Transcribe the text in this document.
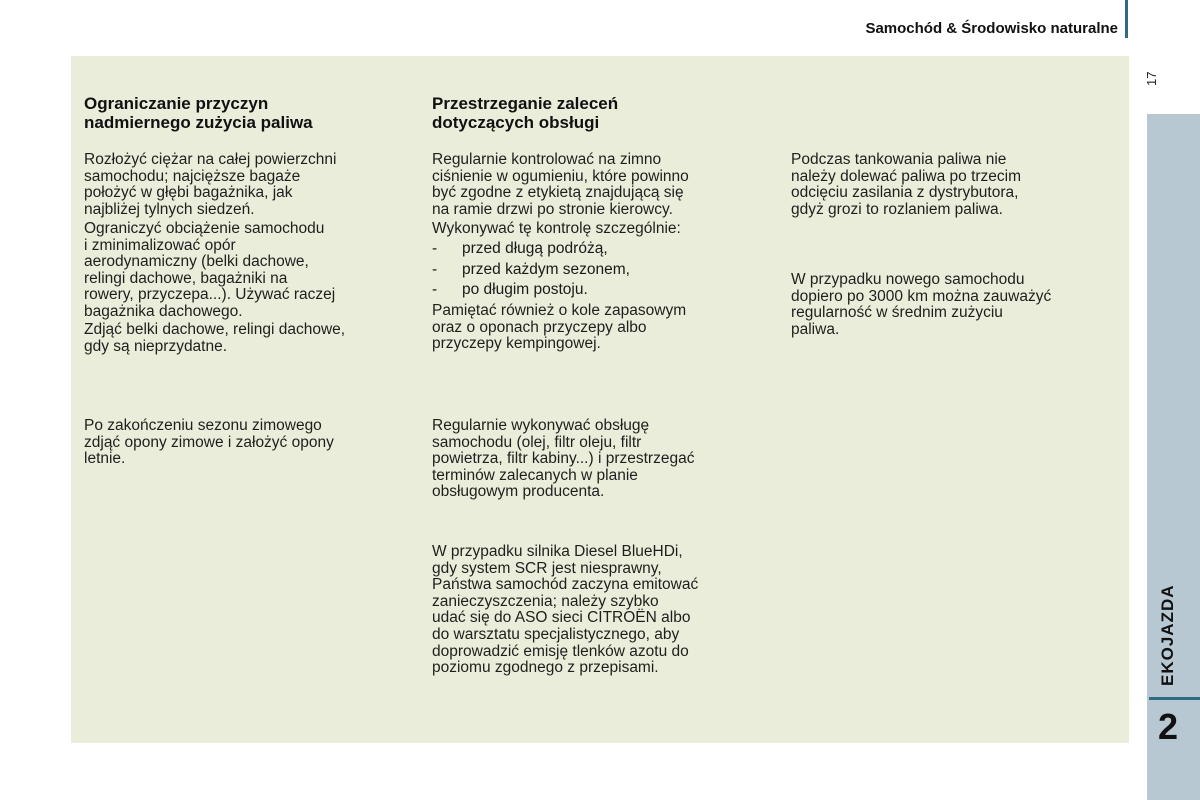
Samochód & Środowisko naturalne
17
EKOJAZDA
2
Ograniczanie przyczyn
nadmiernego zużycia paliwa
Rozłożyć ciężar na całej powierzchni
samochodu; najcięższe bagaże
położyć w głębi bagażnika, jak
najbliżej tylnych siedzeń.
Ograniczyć obciążenie samochodu
i zminimalizować opór
aerodynamiczny (belki dachowe,
relingi dachowe, bagażniki na
rowery, przyczepa...). Używać raczej
bagażnika dachowego.
Zdjąć belki dachowe, relingi dachowe,
gdy są nieprzydatne.
Po zakończeniu sezonu zimowego
zdjąć opony zimowe i założyć opony
letnie.
Przestrzeganie zaleceń
dotyczących obsługi
Regularnie kontrolować na zimno
ciśnienie w ogumieniu, które powinno
być zgodne z etykietą znajdującą się
na ramie drzwi po stronie kierowcy.
Wykonywać tę kontrolę szczególnie:
-	przed długą podróżą,
-	przed każdym sezonem,
-	po długim postoju.
Pamiętać również o kole zapasowym
oraz o oponach przyczepy albo
przyczepy kempingowej.
Regularnie wykonywać obsługę
samochodu (olej, filtr oleju, filtr
powietrza, filtr kabiny...) i przestrzegać
terminów zalecanych w planie
obsługowym producenta.
W przypadku silnika Diesel BlueHDi,
gdy system SCR jest niesprawny,
Państwa samochód zaczyna emitować
zanieczyszczenia; należy szybko
udać się do ASO sieci CITROËN albo
do warsztatu specjalistycznego, aby
doprowadzić emisję tlenków azotu do
poziomu zgodnego z przepisami.
Podczas tankowania paliwa nie
należy dolewać paliwa po trzecim
odcięciu zasilania z dystrybutora,
gdyż grozi to rozlaniem paliwa.
W przypadku nowego samochodu
dopiero po 3000 km można zauważyć
regularność w średnim zużyciu
paliwa.
